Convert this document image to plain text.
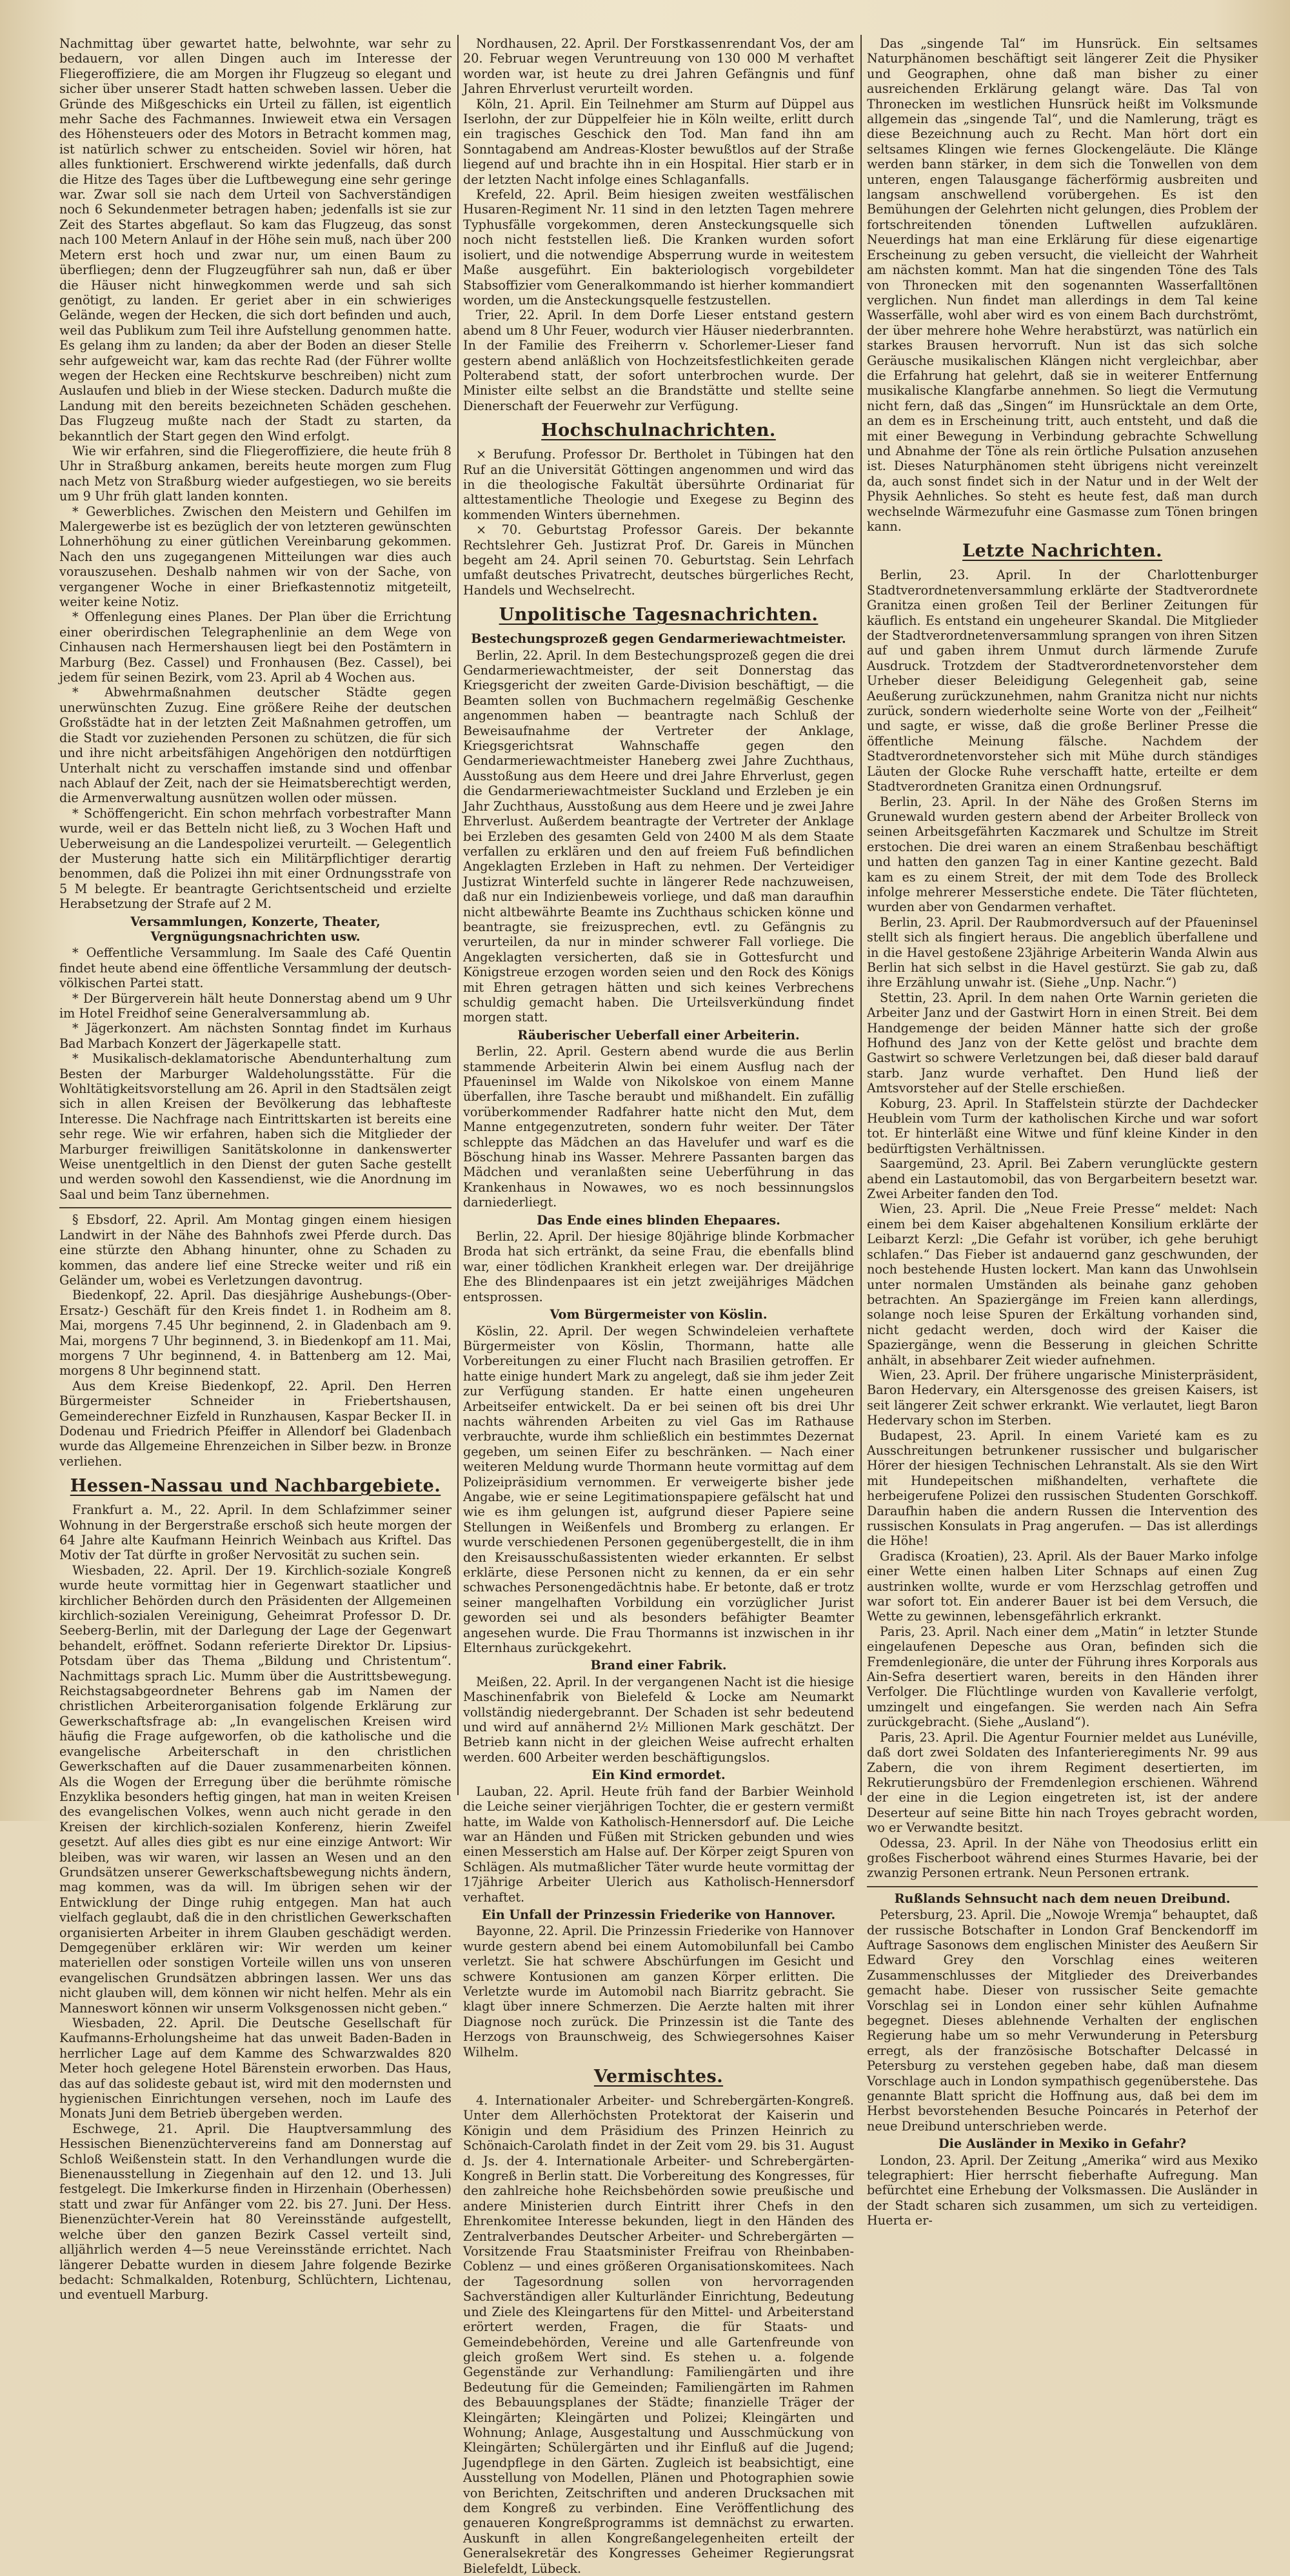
Nachmittag über gewartet hatte, belwohnte, war sehr zu bedauern, vor allen Dingen auch im Interesse der Fliegeroffiziere, die am Morgen ihr Flugzeug so elegant und sicher über unserer Stadt hatten schweben lassen. Ueber die Gründe des Mißgeschicks ein Urteil zu fällen, ist eigentlich mehr Sache des Fachmannes. Inwieweit etwa ein Versagen des Höhensteuers oder des Motors in Betracht kommen mag, ist natürlich schwer zu entscheiden. Soviel wir hören, hat alles funktioniert. Erschwerend wirkte jedenfalls, daß durch die Hitze des Tages über die Luftbewegung eine sehr geringe war. Zwar soll sie nach dem Urteil von Sachverständigen noch 6 Sekundenmeter betragen haben; jedenfalls ist sie zur Zeit des Startes abgeflaut. So kam das Flugzeug, das sonst nach 100 Metern Anlauf in der Höhe sein muß, nach über 200 Metern erst hoch und zwar nur, um einen Baum zu überfliegen; denn der Flugzeugführer sah nun, daß er über die Häuser nicht hinwegkommen werde und sah sich genötigt, zu landen. Er geriet aber in ein schwieriges Gelände, wegen der Hecken, die sich dort befinden und auch, weil das Publikum zum Teil ihre Aufstellung genommen hatte. Es gelang ihm zu landen; da aber der Boden an dieser Stelle sehr aufgeweicht war, kam das rechte Rad (der Führer wollte wegen der Hecken eine Rechtskurve beschreiben) nicht zum Auslaufen und blieb in der Wiese stecken. Dadurch mußte die Landung mit den bereits bezeichneten Schäden geschehen. Das Flugzeug mußte nach der Stadt zu starten, da bekanntlich der Start gegen den Wind erfolgt.

Wie wir erfahren, sind die Fliegeroffiziere, die heute früh 8 Uhr in Straßburg ankamen, bereits heute morgen zum Flug nach Metz von Straßburg wieder aufgestiegen, wo sie bereits um 9 Uhr früh glatt landen konnten.

* Gewerbliches. Zwischen den Meistern und Gehilfen im Malergewerbe ist es bezüglich der von letzteren gewünschten Lohnerhöhung zu einer gütlichen Vereinbarung gekommen. Nach den uns zugegangenen Mitteilungen war dies auch vorauszusehen. Deshalb nahmen wir von der Sache, von vergangener Woche in einer Briefkastennotiz mitgeteilt, weiter keine Notiz.

* Offenlegung eines Planes. Der Plan über die Errichtung einer oberirdischen Telegraphenlinie an dem Wege von Cinhausen nach Hermershausen liegt bei den Postämtern in Marburg (Bez. Cassel) und Fronhausen (Bez. Cassel), bei jedem für seinen Bezirk, vom 23. April ab 4 Wochen aus.

* Abwehrmaßnahmen deutscher Städte gegen unerwünschten Zuzug. Eine größere Reihe der deutschen Großstädte hat in der letzten Zeit Maßnahmen getroffen, um die Stadt vor zuziehenden Personen zu schützen, die für sich und ihre nicht arbeitsfähigen Angehörigen den notdürftigen Unterhalt nicht zu verschaffen imstande sind und offenbar nach Ablauf der Zeit, nach der sie Heimatsberechtigt werden, die Armenverwaltung ausnützen wollen oder müssen.

* Schöffengericht. Ein schon mehrfach vorbestrafter Mann wurde, weil er das Betteln nicht ließ, zu 3 Wochen Haft und Ueberweisung an die Landespolizei verurteilt. — Gelegentlich der Musterung hatte sich ein Militärpflichtiger derartig benommen, daß die Polizei ihn mit einer Ordnungsstrafe von 5 M belegte. Er beantragte Gerichtsentscheid und erzielte Herabsetzung der Strafe auf 2 M.

Versammlungen, Konzerte, Theater, Vergnügungsnachrichten usw.

* Oeffentliche Versammlung. Im Saale des Café Quentin findet heute abend eine öffentliche Versammlung der deutsch-völkischen Partei statt.

* Der Bürgerverein hält heute Donnerstag abend um 9 Uhr im Hotel Freidhof seine Generalversammlung ab.

* Jägerkonzert. Am nächsten Sonntag findet im Kurhaus Bad Marbach Konzert der Jägerkapelle statt.

* Musikalisch-deklamatorische Abendunterhaltung zum Besten der Marburger Waldeholungsstätte. Für die Wohltätigkeitsvorstellung am 26. April in den Stadtsälen zeigt sich in allen Kreisen der Bevölkerung das lebhafteste Interesse. Die Nachfrage nach Eintrittskarten ist bereits eine sehr rege. Wie wir erfahren, haben sich die Mitglieder der Marburger freiwilligen Sanitätskolonne in dankenswerter Weise unentgeltlich in den Dienst der guten Sache gestellt und werden sowohl den Kassendienst, wie die Anordnung im Saal und beim Tanz übernehmen.

§ Ebsdorf, 22. April. Am Montag gingen einem hiesigen Landwirt in der Nähe des Bahnhofs zwei Pferde durch. Das eine stürzte den Abhang hinunter, ohne zu Schaden zu kommen, das andere lief eine Strecke weiter und riß ein Geländer um, wobei es Verletzungen davontrug.

Biedenkopf, 22. April. Das diesjährige Aushebungs-(Ober-Ersatz-) Geschäft für den Kreis findet 1. in Rodheim am 8. Mai, morgens 7.45 Uhr beginnend, 2. in Gladenbach am 9. Mai, morgens 7 Uhr beginnend, 3. in Biedenkopf am 11. Mai, morgens 7 Uhr beginnend, 4. in Battenberg am 12. Mai, morgens 8 Uhr beginnend statt.

Aus dem Kreise Biedenkopf, 22. April. Den Herren Bürgermeister Schneider in Friebertshausen, Gemeinderechner Eizfeld in Runzhausen, Kaspar Becker II. in Dodenau und Friedrich Pfeiffer in Allendorf bei Gladenbach wurde das Allgemeine Ehrenzeichen in Silber bezw. in Bronze verliehen.

Hessen-Nassau und Nachbargebiete.

Frankfurt a. M., 22. April. In dem Schlafzimmer seiner Wohnung in der Bergerstraße erschoß sich heute morgen der 64 Jahre alte Kaufmann Heinrich Weinbach aus Kriftel. Das Motiv der Tat dürfte in großer Nervosität zu suchen sein.

Wiesbaden, 22. April. Der 19. Kirchlich-soziale Kongreß wurde heute vormittag hier in Gegenwart staatlicher und kirchlicher Behörden durch den Präsidenten der Allgemeinen kirchlich-sozialen Vereinigung, Geheimrat Professor D. Dr. Seeberg-Berlin, mit der Darlegung der Lage der Gegenwart behandelt, eröffnet. Sodann referierte Direktor Dr. Lipsius-Potsdam über das Thema „Bildung und Christentum“. Nachmittags sprach Lic. Mumm über die Austrittsbewegung. Reichstagsabgeordneter Behrens gab im Namen der christlichen Arbeiterorganisation folgende Erklärung zur Gewerkschaftsfrage ab: „In evangelischen Kreisen wird häufig die Frage aufgeworfen, ob die katholische und die evangelische Arbeiterschaft in den christlichen Gewerkschaften auf die Dauer zusammenarbeiten können. Als die Wogen der Erregung über die berühmte römische Enzyklika besonders heftig gingen, hat man in weiten Kreisen des evangelischen Volkes, wenn auch nicht gerade in den Kreisen der kirchlich-sozialen Konferenz, hierin Zweifel gesetzt. Auf alles dies gibt es nur eine einzige Antwort: Wir bleiben, was wir waren, wir lassen an Wesen und an den Grundsätzen unserer Gewerkschaftsbewegung nichts ändern, mag kommen, was da will. Im übrigen sehen wir der Entwicklung der Dinge ruhig entgegen. Man hat auch vielfach geglaubt, daß die in den christlichen Gewerkschaften organisierten Arbeiter in ihrem Glauben geschädigt werden. Demgegenüber erklären wir: Wir werden um keiner materiellen oder sonstigen Vorteile willen uns von unseren evangelischen Grundsätzen abbringen lassen. Wer uns das nicht glauben will, dem können wir nicht helfen. Mehr als ein Manneswort können wir unserm Volksgenossen nicht geben.“

Wiesbaden, 22. April. Die Deutsche Gesellschaft für Kaufmanns-Erholungsheime hat das unweit Baden-Baden in herrlicher Lage auf dem Kamme des Schwarzwaldes 820 Meter hoch gelegene Hotel Bärenstein erworben. Das Haus, das auf das solideste gebaut ist, wird mit den modernsten und hygienischen Einrichtungen versehen, noch im Laufe des Monats Juni dem Betrieb übergeben werden.

Eschwege, 21. April. Die Hauptversammlung des Hessischen Bienenzüchtervereins fand am Donnerstag auf Schloß Weißenstein statt. In den Verhandlungen wurde die Bienenausstellung in Ziegenhain auf den 12. und 13. Juli festgelegt. Die Imkerkurse finden in Hirzenhain (Oberhessen) statt und zwar für Anfänger vom 22. bis 27. Juni. Der Hess. Bienenzüchter-Verein hat 80 Vereinsstände aufgestellt, welche über den ganzen Bezirk Cassel verteilt sind, alljährlich werden 4—5 neue Vereinsstände errichtet. Nach längerer Debatte wurden in diesem Jahre folgende Bezirke bedacht: Schmalkalden, Rotenburg, Schlüchtern, Lichtenau, und eventuell Marburg.

Nordhausen, 22. April. Der Forstkassenrendant Vos, der am 20. Februar wegen Veruntreuung von 130 000 M verhaftet worden war, ist heute zu drei Jahren Gefängnis und fünf Jahren Ehrverlust verurteilt worden.

Köln, 21. April. Ein Teilnehmer am Sturm auf Düppel aus Iserlohn, der zur Düppelfeier hie in Köln weilte, erlitt durch ein tragisches Geschick den Tod. Man fand ihn am Sonntagabend am Andreas-Kloster bewußtlos auf der Straße liegend auf und brachte ihn in ein Hospital. Hier starb er in der letzten Nacht infolge eines Schlaganfalls.

Krefeld, 22. April. Beim hiesigen zweiten westfälischen Husaren-Regiment Nr. 11 sind in den letzten Tagen mehrere Typhusfälle vorgekommen, deren Ansteckungsquelle sich noch nicht feststellen ließ. Die Kranken wurden sofort isoliert, und die notwendige Absperrung wurde in weitestem Maße ausgeführt. Ein bakteriologisch vorgebildeter Stabsoffizier vom Generalkommando ist hierher kommandiert worden, um die Ansteckungsquelle festzustellen.

Trier, 22. April. In dem Dorfe Lieser entstand gestern abend um 8 Uhr Feuer, wodurch vier Häuser niederbrannten. In der Familie des Freiherrn v. Schorlemer-Lieser fand gestern abend anläßlich von Hochzeitsfestlichkeiten gerade Polterabend statt, der sofort unterbrochen wurde. Der Minister eilte selbst an die Brandstätte und stellte seine Dienerschaft der Feuerwehr zur Verfügung.

Hochschulnachrichten.

× Berufung. Professor Dr. Bertholet in Tübingen hat den Ruf an die Universität Göttingen angenommen und wird das in die theologische Fakultät übersührte Ordinariat für alttestamentliche Theologie und Exegese zu Beginn des kommenden Winters übernehmen.

× 70. Geburtstag Professor Gareis. Der bekannte Rechtslehrer Geh. Justizrat Prof. Dr. Gareis in München begeht am 24. April seinen 70. Geburtstag. Sein Lehrfach umfaßt deutsches Privatrecht, deutsches bürgerliches Recht, Handels und Wechselrecht.

Unpolitische Tagesnachrichten.

Bestechungsprozeß gegen Gendarmeriewachtmeister.

Berlin, 22. April. In dem Bestechungsprozeß gegen die drei Gendarmeriewachtmeister, der seit Donnerstag das Kriegsgericht der zweiten Garde-Division beschäftigt, — die Beamten sollen von Buchmachern regelmäßig Geschenke angenommen haben — beantragte nach Schluß der Beweisaufnahme der Vertreter der Anklage, Kriegsgerichtsrat Wahnschaffe gegen den Gendarmeriewachtmeister Haneberg zwei Jahre Zuchthaus, Ausstoßung aus dem Heere und drei Jahre Ehrverlust, gegen die Gendarmeriewachtmeister Suckland und Erzleben je ein Jahr Zuchthaus, Ausstoßung aus dem Heere und je zwei Jahre Ehrverlust. Außerdem beantragte der Vertreter der Anklage bei Erzleben des gesamten Geld von 2400 M als dem Staate verfallen zu erklären und den auf freiem Fuß befindlichen Angeklagten Erzleben in Haft zu nehmen. Der Verteidiger Justizrat Winterfeld suchte in längerer Rede nachzuweisen, daß nur ein Indizienbeweis vorliege, und daß man daraufhin nicht altbewährte Beamte ins Zuchthaus schicken könne und beantragte, sie freizusprechen, evtl. zu Gefängnis zu verurteilen, da nur in minder schwerer Fall vorliege. Die Angeklagten versicherten, daß sie in Gottesfurcht und Königstreue erzogen worden seien und den Rock des Königs mit Ehren getragen hätten und sich keines Verbrechens schuldig gemacht haben. Die Urteilsverkündung findet morgen statt.

Räuberischer Ueberfall einer Arbeiterin.

Berlin, 22. April. Gestern abend wurde die aus Berlin stammende Arbeiterin Alwin bei einem Ausflug nach der Pfaueninsel im Walde von Nikolskoe von einem Manne überfallen, ihre Tasche beraubt und mißhandelt. Ein zufällig vorüberkommender Radfahrer hatte nicht den Mut, dem Manne entgegenzutreten, sondern fuhr weiter. Der Täter schleppte das Mädchen an das Havelufer und warf es die Böschung hinab ins Wasser. Mehrere Passanten bargen das Mädchen und veranlaßten seine Ueberführung in das Krankenhaus in Nowawes, wo es noch bessinnungslos darniederliegt.

Das Ende eines blinden Ehepaares.

Berlin, 22. April. Der hiesige 80jährige blinde Korbmacher Broda hat sich ertränkt, da seine Frau, die ebenfalls blind war, einer tödlichen Krankheit erlegen war. Der dreijährige Ehe des Blindenpaares ist ein jetzt zweijähriges Mädchen entsprossen.

Vom Bürgermeister von Köslin.

Köslin, 22. April. Der wegen Schwindeleien verhaftete Bürgermeister von Köslin, Thormann, hatte alle Vorbereitungen zu einer Flucht nach Brasilien getroffen. Er hatte einige hundert Mark zu angelegt, daß sie ihm jeder Zeit zur Verfügung standen. Er hatte einen ungeheuren Arbeitseifer entwickelt. Da er bei seinen oft bis drei Uhr nachts währenden Arbeiten zu viel Gas im Rathause verbrauchte, wurde ihm schließlich ein bestimmtes Dezernat gegeben, um seinen Eifer zu beschränken. — Nach einer weiteren Meldung wurde Thormann heute vormittag auf dem Polizeipräsidium vernommen. Er verweigerte bisher jede Angabe, wie er seine Legitimationspapiere gefälscht hat und wie es ihm gelungen ist, aufgrund dieser Papiere seine Stellungen in Weißenfels und Bromberg zu erlangen. Er wurde verschiedenen Personen gegenübergestellt, die in ihm den Kreisausschußassistenten wieder erkannten. Er selbst erklärte, diese Personen nicht zu kennen, da er ein sehr schwaches Personengedächtnis habe. Er betonte, daß er trotz seiner mangelhaften Vorbildung ein vorzüglicher Jurist geworden sei und als besonders befähigter Beamter angesehen wurde. Die Frau Thormanns ist inzwischen in ihr Elternhaus zurückgekehrt.

Brand einer Fabrik.

Meißen, 22. April. In der vergangenen Nacht ist die hiesige Maschinenfabrik von Bielefeld & Locke am Neumarkt vollständig niedergebrannt. Der Schaden ist sehr bedeutend und wird auf annähernd 2½ Millionen Mark geschätzt. Der Betrieb kann nicht in der gleichen Weise aufrecht erhalten werden. 600 Arbeiter werden beschäftigungslos.

Ein Kind ermordet.

Lauban, 22. April. Heute früh fand der Barbier Weinhold die Leiche seiner vierjährigen Tochter, die er gestern vermißt hatte, im Walde von Katholisch-Hennersdorf auf. Die Leiche war an Händen und Füßen mit Stricken gebunden und wies einen Messerstich am Halse auf. Der Körper zeigt Spuren von Schlägen. Als mutmaßlicher Täter wurde heute vormittag der 17jährige Arbeiter Ulerich aus Katholisch-Hennersdorf verhaftet.

Ein Unfall der Prinzessin Friederike von Hannover.

Bayonne, 22. April. Die Prinzessin Friederike von Hannover wurde gestern abend bei einem Automobilunfall bei Cambo verletzt. Sie hat schwere Abschürfungen im Gesicht und schwere Kontusionen am ganzen Körper erlitten. Die Verletzte wurde im Automobil nach Biarritz gebracht. Sie klagt über innere Schmerzen. Die Aerzte halten mit ihrer Diagnose noch zurück. Die Prinzessin ist die Tante des Herzogs von Braunschweig, des Schwiegersohnes Kaiser Wilhelm.

Vermischtes.

4. Internationaler Arbeiter- und Schrebergärten-Kongreß. Unter dem Allerhöchsten Protektorat der Kaiserin und Königin und dem Präsidium des Prinzen Heinrich zu Schönaich-Carolath findet in der Zeit vom 29. bis 31. August d. Js. der 4. Internationale Arbeiter- und Schrebergärten-Kongreß in Berlin statt. Die Vorbereitung des Kongresses, für den zahlreiche hohe Reichsbehörden sowie preußische und andere Ministerien durch Eintritt ihrer Chefs in den Ehrenkomitee Interesse bekunden, liegt in den Händen des Zentralverbandes Deutscher Arbeiter- und Schrebergärten — Vorsitzende Frau Staatsminister Freifrau von Rheinbaben-Coblenz — und eines größeren Organisationskomitees. Nach der Tagesordnung sollen von hervorragenden Sachverständigen aller Kulturländer Einrichtung, Bedeutung und Ziele des Kleingartens für den Mittel- und Arbeiterstand erörtert werden, Fragen, die für Staats- und Gemeindebehörden, Vereine und alle Gartenfreunde von gleich großem Wert sind. Es stehen u. a. folgende Gegenstände zur Verhandlung: Familiengärten und ihre Bedeutung für die Gemeinden; Familiengärten im Rahmen des Bebauungsplanes der Städte; finanzielle Träger der Kleingärten; Kleingärten und Polizei; Kleingärten und Wohnung; Anlage, Ausgestaltung und Ausschmückung von Kleingärten; Schülergärten und ihr Einfluß auf die Jugend; Jugendpflege in den Gärten. Zugleich ist beabsichtigt, eine Ausstellung von Modellen, Plänen und Photographien sowie von Berichten, Zeitschriften und anderen Drucksachen mit dem Kongreß zu verbinden. Eine Veröffentlichung des genaueren Kongreßprogramms ist demnächst zu erwarten. Auskunft in allen Kongreßangelegenheiten erteilt der Generalsekretär des Kongresses Geheimer Regierungsrat Bielefeldt, Lübeck.

Das „singende Tal“ im Hunsrück. Ein seltsames Naturphänomen beschäftigt seit längerer Zeit die Physiker und Geographen, ohne daß man bisher zu einer ausreichenden Erklärung gelangt wäre. Das Tal von Thronecken im westlichen Hunsrück heißt im Volksmunde allgemein das „singende Tal“, und die Namlerung, trägt es diese Bezeichnung auch zu Recht. Man hört dort ein seltsames Klingen wie fernes Glockengeläute. Die Klänge werden bann stärker, in dem sich die Tonwellen von dem unteren, engen Talausgange fächerförmig ausbreiten und langsam anschwellend vorübergehen. Es ist den Bemühungen der Gelehrten nicht gelungen, dies Problem der fortschreitenden tönenden Luftwellen aufzuklären. Neuerdings hat man eine Erklärung für diese eigenartige Erscheinung zu geben versucht, die vielleicht der Wahrheit am nächsten kommt. Man hat die singenden Töne des Tals von Thronecken mit den sogenannten Wasserfalltönen verglichen. Nun findet man allerdings in dem Tal keine Wasserfälle, wohl aber wird es von einem Bach durchströmt, der über mehrere hohe Wehre herabstürzt, was natürlich ein starkes Brausen hervorruft. Nun ist das sich solche Geräusche musikalischen Klängen nicht vergleichbar, aber die Erfahrung hat gelehrt, daß sie in weiterer Entfernung musikalische Klangfarbe annehmen. So liegt die Vermutung nicht fern, daß das „Singen“ im Hunsrücktale an dem Orte, an dem es in Erscheinung tritt, auch entsteht, und daß die mit einer Bewegung in Verbindung gebrachte Schwellung und Abnahme der Töne als rein örtliche Pulsation anzusehen ist. Dieses Naturphänomen steht übrigens nicht vereinzelt da, auch sonst findet sich in der Natur und in der Welt der Physik Aehnliches. So steht es heute fest, daß man durch wechselnde Wärmezufuhr eine Gasmasse zum Tönen bringen kann.

Letzte Nachrichten.

Berlin, 23. April. In der Charlottenburger Stadtverordnetenversammlung erklärte der Stadtverordnete Granitza einen großen Teil der Berliner Zeitungen für käuflich. Es entstand ein ungeheurer Skandal. Die Mitglieder der Stadtverordnetenversammlung sprangen von ihren Sitzen auf und gaben ihrem Unmut durch lärmende Zurufe Ausdruck. Trotzdem der Stadtverordnetenvorsteher dem Urheber dieser Beleidigung Gelegenheit gab, seine Aeußerung zurückzunehmen, nahm Granitza nicht nur nichts zurück, sondern wiederholte seine Worte von der „Feilheit“ und sagte, er wisse, daß die große Berliner Presse die öffentliche Meinung fälsche. Nachdem der Stadtverordnetenvorsteher sich mit Mühe durch ständiges Läuten der Glocke Ruhe verschafft hatte, erteilte er dem Stadtverordneten Granitza einen Ordnungsruf.

Berlin, 23. April. In der Nähe des Großen Sterns im Grunewald wurden gestern abend der Arbeiter Brolleck von seinen Arbeitsgefährten Kaczmarek und Schultze im Streit erstochen. Die drei waren an einem Straßenbau beschäftigt und hatten den ganzen Tag in einer Kantine gezecht. Bald kam es zu einem Streit, der mit dem Tode des Brolleck infolge mehrerer Messerstiche endete. Die Täter flüchteten, wurden aber von Gendarmen verhaftet.

Berlin, 23. April. Der Raubmordversuch auf der Pfaueninsel stellt sich als fingiert heraus. Die angeblich überfallene und in die Havel gestoßene 23jährige Arbeiterin Wanda Alwin aus Berlin hat sich selbst in die Havel gestürzt. Sie gab zu, daß ihre Erzählung unwahr ist. (Siehe „Unp. Nachr.“)

Stettin, 23. April. In dem nahen Orte Warnin gerieten die Arbeiter Janz und der Gastwirt Horn in einen Streit. Bei dem Handgemenge der beiden Männer hatte sich der große Hofhund des Janz von der Kette gelöst und brachte dem Gastwirt so schwere Verletzungen bei, daß dieser bald darauf starb. Janz wurde verhaftet. Den Hund ließ der Amtsvorsteher auf der Stelle erschießen.

Koburg, 23. April. In Staffelstein stürzte der Dachdecker Heublein vom Turm der katholischen Kirche und war sofort tot. Er hinterläßt eine Witwe und fünf kleine Kinder in den bedürftigsten Verhältnissen.

Saargemünd, 23. April. Bei Zabern verunglückte gestern abend ein Lastautomobil, das von Bergarbeitern besetzt war. Zwei Arbeiter fanden den Tod.

Wien, 23. April. Die „Neue Freie Presse“ meldet: Nach einem bei dem Kaiser abgehaltenen Konsilium erklärte der Leibarzt Kerzl: „Die Gefahr ist vorüber, ich gehe beruhigt schlafen.“ Das Fieber ist andauernd ganz geschwunden, der noch bestehende Husten lockert. Man kann das Unwohlsein unter normalen Umständen als beinahe ganz gehoben betrachten. An Spaziergänge im Freien kann allerdings, solange noch leise Spuren der Erkältung vorhanden sind, nicht gedacht werden, doch wird der Kaiser die Spaziergänge, wenn die Besserung in gleichen Schritte anhält, in absehbarer Zeit wieder aufnehmen.

Wien, 23. April. Der frühere ungarische Ministerpräsident, Baron Hedervary, ein Altersgenosse des greisen Kaisers, ist seit längerer Zeit schwer erkrankt. Wie verlautet, liegt Baron Hedervary schon im Sterben.

Budapest, 23. April. In einem Varieté kam es zu Ausschreitungen betrunkener russischer und bulgarischer Hörer der hiesigen Technischen Lehranstalt. Als sie den Wirt mit Hundepeitschen mißhandelten, verhaftete die herbeigerufene Polizei den russischen Studenten Gorschkoff. Daraufhin haben die andern Russen die Intervention des russischen Konsulats in Prag angerufen. — Das ist allerdings die Höhe!

Gradisca (Kroatien), 23. April. Als der Bauer Marko infolge einer Wette einen halben Liter Schnaps auf einen Zug austrinken wollte, wurde er vom Herzschlag getroffen und war sofort tot. Ein anderer Bauer ist bei dem Versuch, die Wette zu gewinnen, lebensgefährlich erkrankt.

Paris, 23. April. Nach einer dem „Matin“ in letzter Stunde eingelaufenen Depesche aus Oran, befinden sich die Fremdenlegionäre, die unter der Führung ihres Korporals aus Ain-Sefra desertiert waren, bereits in den Händen ihrer Verfolger. Die Flüchtlinge wurden von Kavallerie verfolgt, umzingelt und eingefangen. Sie werden nach Ain Sefra zurückgebracht. (Siehe „Ausland“).

Paris, 23. April. Die Agentur Fournier meldet aus Lunéville, daß dort zwei Soldaten des Infanterieregiments Nr. 99 aus Zabern, die von ihrem Regiment desertierten, im Rekrutierungsbüro der Fremdenlegion erschienen. Während der eine in die Legion eingetreten ist, ist der andere Deserteur auf seine Bitte hin nach Troyes gebracht worden, wo er Verwandte besitzt.

Odessa, 23. April. In der Nähe von Theodosius erlitt ein großes Fischerboot während eines Sturmes Havarie, bei der zwanzig Personen ertrank. Neun Personen ertrank.

Rußlands Sehnsucht nach dem neuen Dreibund.

Petersburg, 23. April. Die „Nowoje Wremja“ behauptet, daß der russische Botschafter in London Graf Benckendorff im Auftrage Sasonows dem englischen Minister des Aeußern Sir Edward Grey den Vorschlag eines weiteren Zusammenschlusses der Mitglieder des Dreiverbandes gemacht habe. Dieser von russischer Seite gemachte Vorschlag sei in London einer sehr kühlen Aufnahme begegnet. Dieses ablehnende Verhalten der englischen Regierung habe um so mehr Verwunderung in Petersburg erregt, als der französische Botschafter Delcassé in Petersburg zu verstehen gegeben habe, daß man diesem Vorschlage auch in London sympathisch gegenüberstehe. Das genannte Blatt spricht die Hoffnung aus, daß bei dem im Herbst bevorstehenden Besuche Poincarés in Peterhof der neue Dreibund unterschrieben werde.

Die Ausländer in Mexiko in Gefahr?

London, 23. April. Der Zeitung „Amerika“ wird aus Mexiko telegraphiert: Hier herrscht fieberhafte Aufregung. Man befürchtet eine Erhebung der Volksmassen. Die Ausländer in der Stadt scharen sich zusammen, um sich zu verteidigen. Huerta er-
